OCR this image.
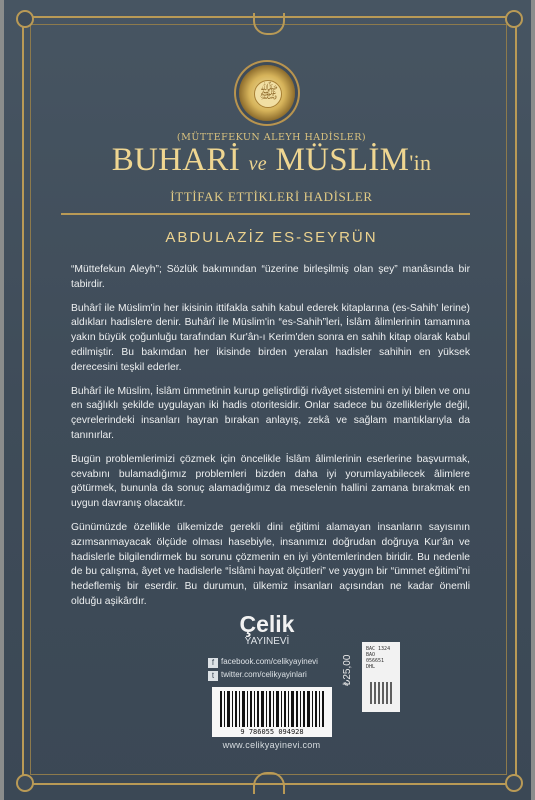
ﷺ
(MÜTTEFEKUN ALEYH HADİSLER)
BUHARİ ve MÜSLİM'in
İTTİFAK ETTİKLERİ HADİSLER
ABDULAZİZ ES-SEYRÜN

“Müttefekun Aleyh”; Sözlük bakımından “üzerine birleşilmiş olan şey” manâsında bir tabirdir.

Buhârî ile Müslim'in her ikisinin ittifakla sahih kabul ederek kitaplarına (es-Sahih' lerine) aldıkları hadislere denir. Buhârî ile Müslim'in “es-Sahih”leri, İslâm âlimlerinin tamamına yakın büyük çoğunluğu tarafından Kur'ân-ı Kerim'den sonra en sahih kitap olarak kabul edilmiştir. Bu bakımdan her ikisinde birden yeralan hadisler sahihin en yüksek derecesini teşkil ederler.

Buhârî ile Müslim, İslâm ümmetinin kurup geliştirdiği rivâyet sistemini en iyi bilen ve onu en sağlıklı şekilde uygulayan iki hadis otoritesidir. Onlar sadece bu özellikleriyle değil, çevrelerindeki insanları hayran bırakan anlayış, zekâ ve sağlam mantıklarıyla da tanınırlar.

Bugün problemlerimizi çözmek için öncelikle İslâm âlimlerinin eserlerine başvurmak, cevabını bulamadığımız problemleri bizden daha iyi yorumlayabilecek âlimlere götürmek, bununla da sonuç alamadığımız da meselenin hallini zamana bırakmak en uygun davranış olacaktır.

Günümüzde özellikle ülkemizde gerekli dini eğitimi alamayan insanların sayısının azımsanmayacak ölçüde olması hasebiyle, insanımızı doğrudan doğruya Kur'ân ve hadislerle bilgilendirmek bu sorunu çözmenin en iyi yöntemlerinden biridir. Bu nedenle de bu çalışma, âyet ve hadislerle “İslâmi hayat ölçütleri” ve yaygın bir “ümmet eğitimi”ni hedeflemiş bir eserdir. Bu durumun, ülkemiz insanları açısından ne kadar önemli olduğu aşikârdır.

Çelik
YAYINEVİ
f facebook.com/celikyayinevi
t twitter.com/celikyayinlari
9 786055 094928
₺25,00
BAC 1324
BAO
056651
DHL
www.celikyayinevi.com
